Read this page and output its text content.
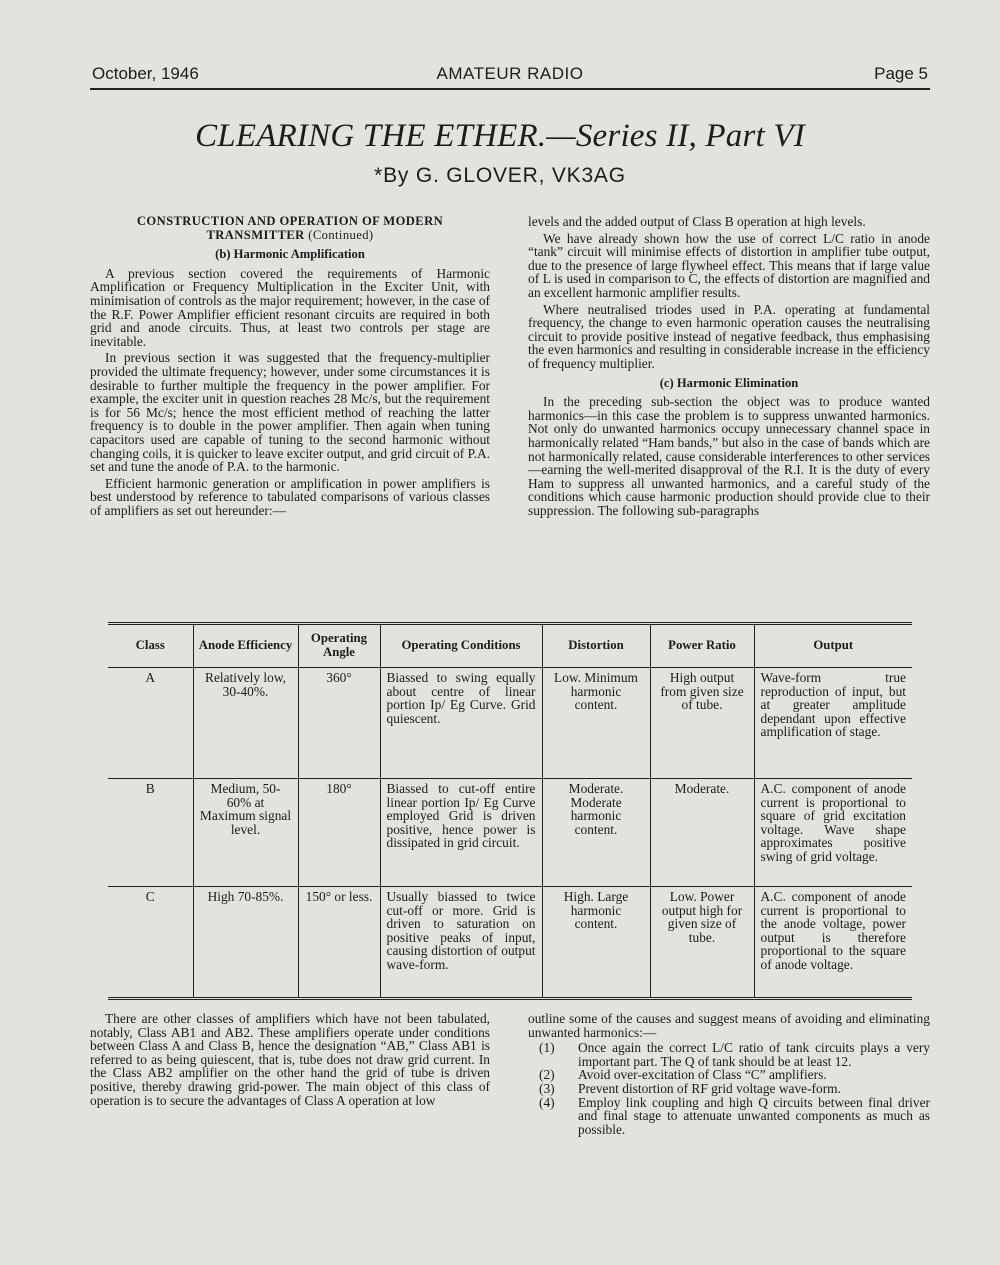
October, 1946	AMATEUR RADIO	Page 5
CLEARING THE ETHER.—Series II, Part VI
*By G. GLOVER, VK3AG
CONSTRUCTION AND OPERATION OF MODERN TRANSMITTER (Continued)
(b) Harmonic Amplification

A previous section covered the requirements of Harmonic Amplification or Frequency Multiplication in the Exciter Unit, with minimisation of controls as the major requirement; however, in the case of the R.F. Power Amplifier efficient resonant circuits are required in both grid and anode circuits. Thus, at least two controls per stage are inevitable.

In previous section it was suggested that the frequency-multiplier provided the ultimate frequency; however, under some circumstances it is desirable to further multiple the frequency in the power amplifier. For example, the exciter unit in question reaches 28 Mc/s, but the requirement is for 56 Mc/s; hence the most efficient method of reaching the latter frequency is to double in the power amplifier. Then again when tuning capacitors used are capable of tuning to the second harmonic without changing coils, it is quicker to leave exciter output, and grid circuit of P.A. set and tune the anode of P.A. to the harmonic.

Efficient harmonic generation or amplification in power amplifiers is best understood by reference to tabulated comparisons of various classes of amplifiers as set out hereunder:—

levels and the added output of Class B operation at high levels.

We have already shown how the use of correct L/C ratio in anode “tank” circuit will minimise effects of distortion in amplifier tube output, due to the presence of large flywheel effect. This means that if large value of L is used in comparison to C, the effects of distortion are magnified and an excellent harmonic amplifier results.

Where neutralised triodes used in P.A. operating at fundamental frequency, the change to even harmonic operation causes the neutralising circuit to provide positive instead of negative feedback, thus emphasising the even harmonics and resulting in considerable increase in the efficiency of frequency multiplier.

(c) Harmonic Elimination

In the preceding sub-section the object was to produce wanted harmonics—in this case the problem is to suppress unwanted harmonics. Not only do unwanted harmonics occupy unnecessary channel space in harmonically related “Ham bands,” but also in the case of bands which are not harmonically related, cause considerable interferences to other services—earning the well-merited disapproval of the R.I. It is the duty of every Ham to suppress all unwanted harmonics, and a careful study of the conditions which cause harmonic production should provide clue to their suppression. The following sub-paragraphs

Class	Anode Efficiency	Operating Angle	Operating Conditions	Distortion	Power Ratio	Output
A	Relatively low, 30-40%.	360°	Biassed to swing equally about centre of linear portion Ip/ Eg Curve. Grid quiescent.	Low. Minimum harmonic content.	High output from given size of tube.	Wave-form true reproduction of input, but at greater amplitude dependant upon effective amplification of stage.
B	Medium, 50-60% at Maximum signal level.	180°	Biassed to cut-off entire linear portion Ip/ Eg Curve employed Grid is driven positive, hence power is dissipated in grid circuit.	Moderate. Moderate harmonic content.	Moderate.	A.C. component of anode current is proportional to square of grid excitation voltage. Wave shape approximates positive swing of grid voltage.
C	High 70-85%.	150° or less.	Usually biassed to twice cut-off or more. Grid is driven to saturation on positive peaks of input, causing distortion of output wave-form.	High. Large harmonic content.	Low. Power output high for given size of tube.	A.C. component of anode current is proportional to the anode voltage, power output is therefore proportional to the square of anode voltage.

There are other classes of amplifiers which have not been tabulated, notably, Class AB1 and AB2. These amplifiers operate under conditions between Class A and Class B, hence the designation “AB,” Class AB1 is referred to as being quiescent, that is, tube does not draw grid current. In the Class AB2 amplifier on the other hand the grid of tube is driven positive, thereby drawing grid-power. The main object of this class of operation is to secure the advantages of Class A operation at low

outline some of the causes and suggest means of avoiding and eliminating unwanted harmonics:—

(1) Once again the correct L/C ratio of tank circuits plays a very important part. The Q of tank should be at least 12.
(2) Avoid over-excitation of Class “C” amplifiers.
(3) Prevent distortion of RF grid voltage wave-form.
(4) Employ link coupling and high Q circuits between final driver and final stage to attenuate unwanted components as much as possible.
